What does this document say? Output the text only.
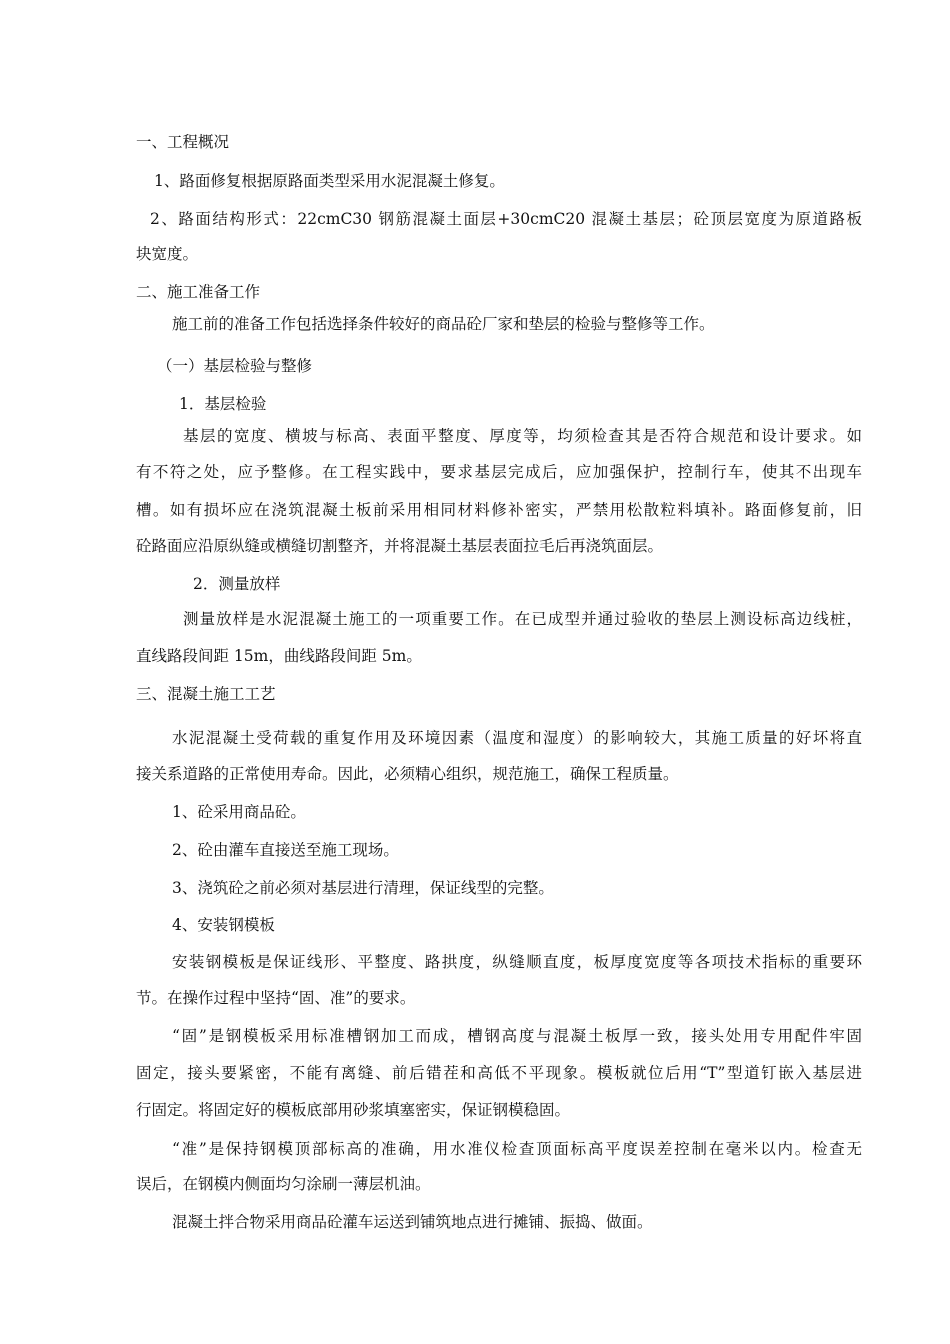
一、工程概况
1、路面修复根据原路面类型采用水泥混凝土修复。
2、路面结构形式：22cmC30 钢筋混凝土面层+30cmC20 混凝土基层；砼顶层宽度为原道路板
块宽度。
二、施工准备工作
施工前的准备工作包括选择条件较好的商品砼厂家和垫层的检验与整修等工作。
（一）基层检验与整修
1．基层检验
基层的宽度、横坡与标高、表面平整度、厚度等，均须检查其是否符合规范和设计要求。如
有不符之处，应予整修。在工程实践中，要求基层完成后，应加强保护，控制行车，使其不出现车
槽。如有损坏应在浇筑混凝土板前采用相同材料修补密实，严禁用松散粒料填补。路面修复前，旧
砼路面应沿原纵缝或横缝切割整齐，并将混凝土基层表面拉毛后再浇筑面层。
2．测量放样
测量放样是水泥混凝土施工的一项重要工作。在已成型并通过验收的垫层上测设标高边线桩，
直线路段间距 15m，曲线路段间距 5m。
三、混凝土施工工艺
水泥混凝土受荷载的重复作用及环境因素（温度和湿度）的影响较大，其施工质量的好坏将直
接关系道路的正常使用寿命。因此，必须精心组织，规范施工，确保工程质量。
1、砼采用商品砼。
2、砼由灌车直接送至施工现场。
3、浇筑砼之前必须对基层进行清理，保证线型的完整。
4、安装钢模板
安装钢模板是保证线形、平整度、路拱度，纵缝顺直度，板厚度宽度等各项技术指标的重要环
节。在操作过程中坚持“固、准”的要求。
“固”是钢模板采用标准槽钢加工而成，槽钢高度与混凝土板厚一致，接头处用专用配件牢固
固定，接头要紧密，不能有离缝、前后错茬和高低不平现象。模板就位后用“T”型道钉嵌入基层进
行固定。将固定好的模板底部用砂浆填塞密实，保证钢模稳固。
“准”是保持钢模顶部标高的准确，用水准仪检查顶面标高平度误差控制在毫米以内。检查无
误后，在钢模内侧面均匀涂刷一薄层机油。
混凝土拌合物采用商品砼灌车运送到铺筑地点进行摊铺、振捣、做面。
